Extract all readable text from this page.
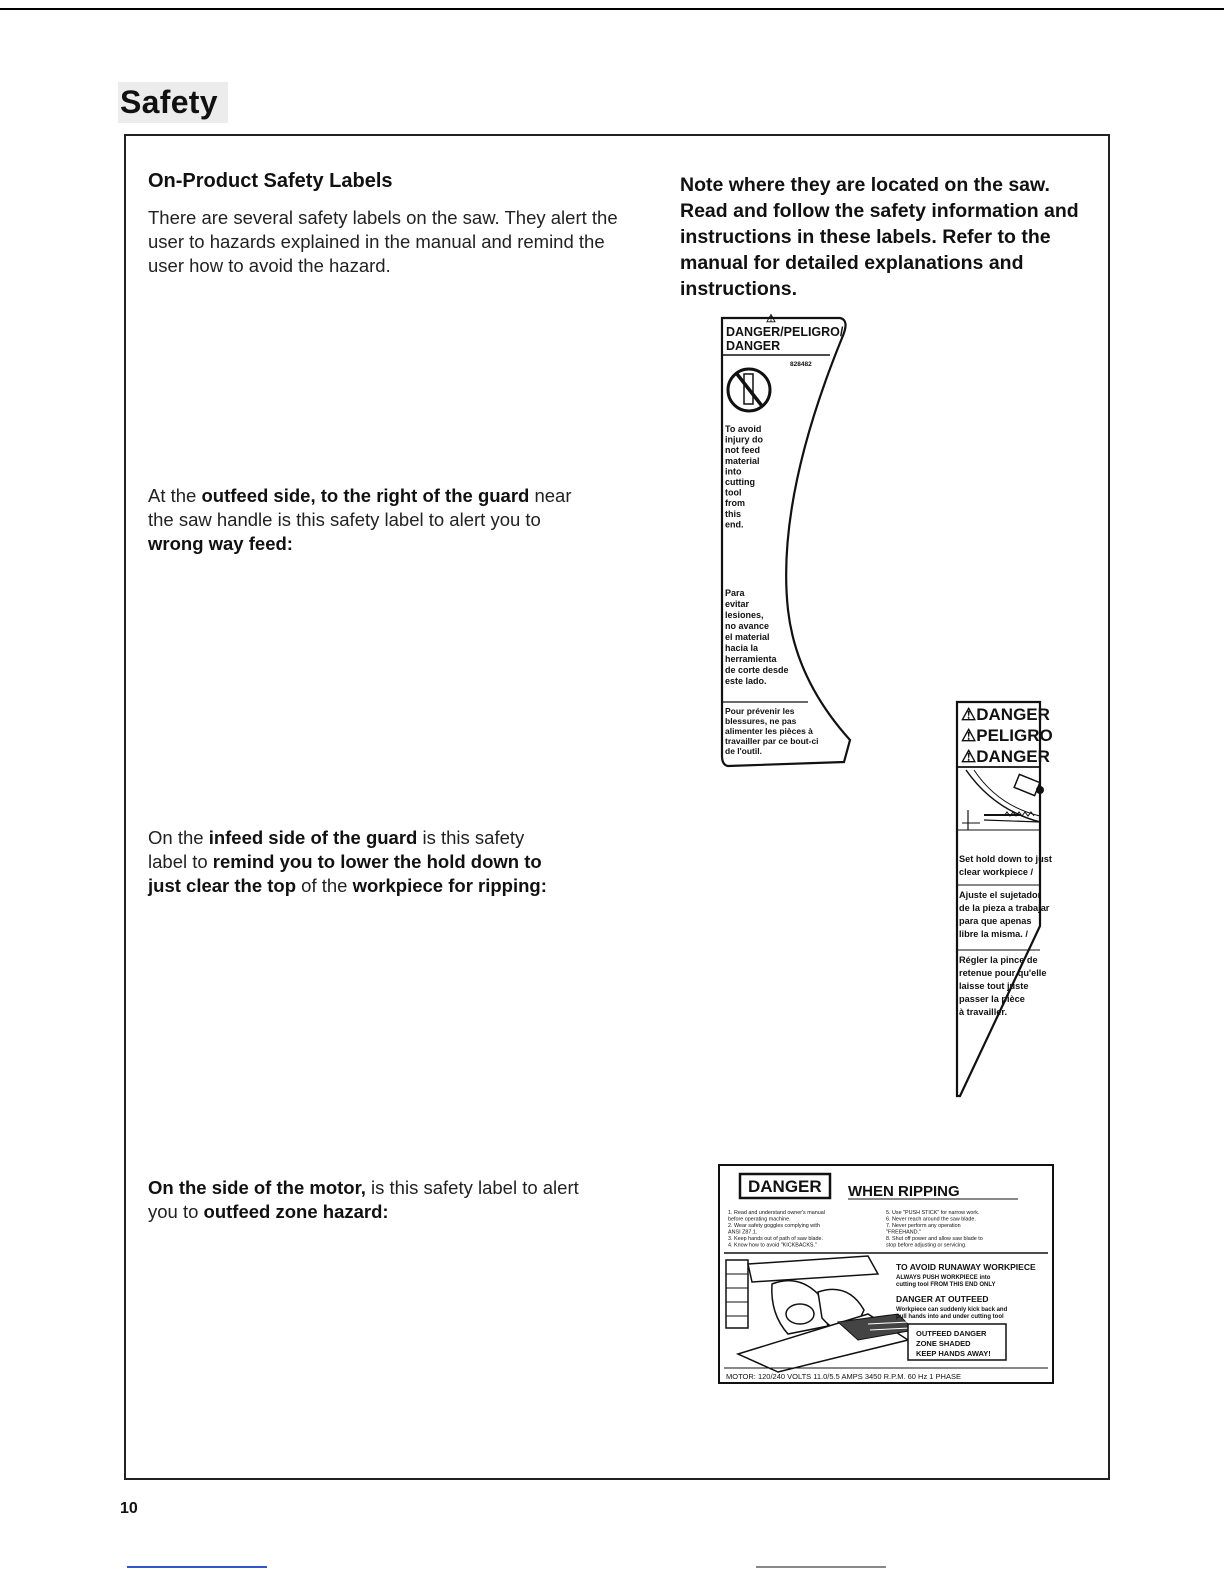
Safety
On-Product Safety Labels

There are several safety labels on the saw. They alert the user to hazards explained in the manual and remind the user how to avoid the hazard.

Note where they are located on the saw. Read and follow the safety information and instructions in these labels. Refer to the manual for detailed explanations and instructions.

At the outfeed side, to the right of the guard near the saw handle is this safety label to alert you to wrong way feed:

On the infeed side of the guard is this safety label to remind you to lower the hold down to just clear the top of the workpiece for ripping:

On the side of the motor, is this safety label to alert you to outfeed zone hazard:

⚠
DANGER/PELIGRO/
DANGER
828482
To avoid
injury do
not feed
material
into
cutting
tool
from
this
end.
Para
evitar
lesiones,
no avance
el material
hacia la
herramienta
de corte desde
este lado.
Pour prévenir les
blessures, ne pas
alimenter les pièces à
travailler par ce bout-ci
de l'outil.
⚠DANGER
⚠PELIGRO
⚠DANGER
Set hold down to just
clear workpiece /
Ajuste el sujetador
de la pieza a trabajar
para que apenas
libre la misma. /
Régler la pince de
retenue pour qu'elle
laisse tout juste
passer la pièce
à travailler.
DANGER WHEN RIPPING
1. Read and understand owner's manual
before operating machine.
2. Wear safety goggles complying with
ANSI Z87.1.
3. Keep hands out of path of saw blade.
4. Know how to avoid "KICKBACKS."
5. Use "PUSH STICK" for narrow work.
6. Never reach around the saw blade.
7. Never perform any operation
"FREEHAND."
8. Shut off power and allow saw blade to
stop before adjusting or servicing.
TO AVOID RUNAWAY WORKPIECE
ALWAYS PUSH WORKPIECE into
cutting tool FROM THIS END ONLY
DANGER AT OUTFEED
Workpiece can suddenly kick back and
pull hands into and under cutting tool
OUTFEED DANGER
ZONE SHADED
KEEP HANDS AWAY!
MOTOR: 120/240 VOLTS 11.0/5.5 AMPS 3450 R.P.M. 60 Hz 1 PHASE
10
